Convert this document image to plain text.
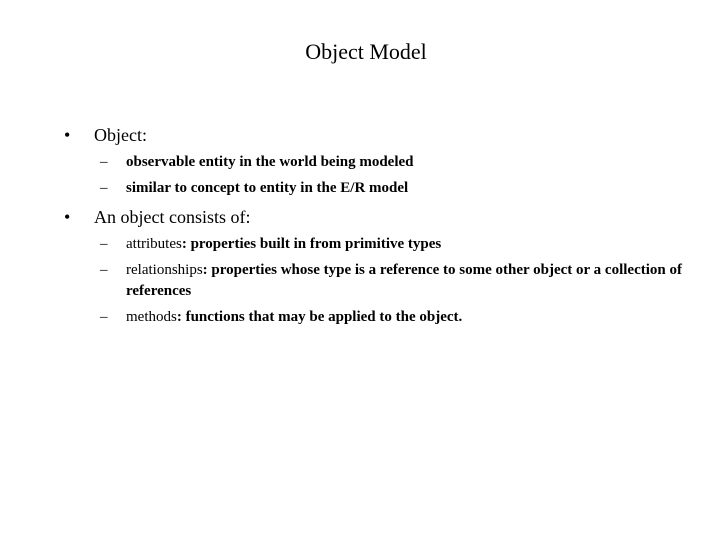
Object Model
•	Object:
–	observable entity in the world being modeled
–	similar to concept to entity in the E/R model
•	An object consists of:
–	attributes: properties built in from primitive types
–	relationships: properties whose type is a reference to some other object or a collection of references
–	methods: functions that may be applied to the object.
